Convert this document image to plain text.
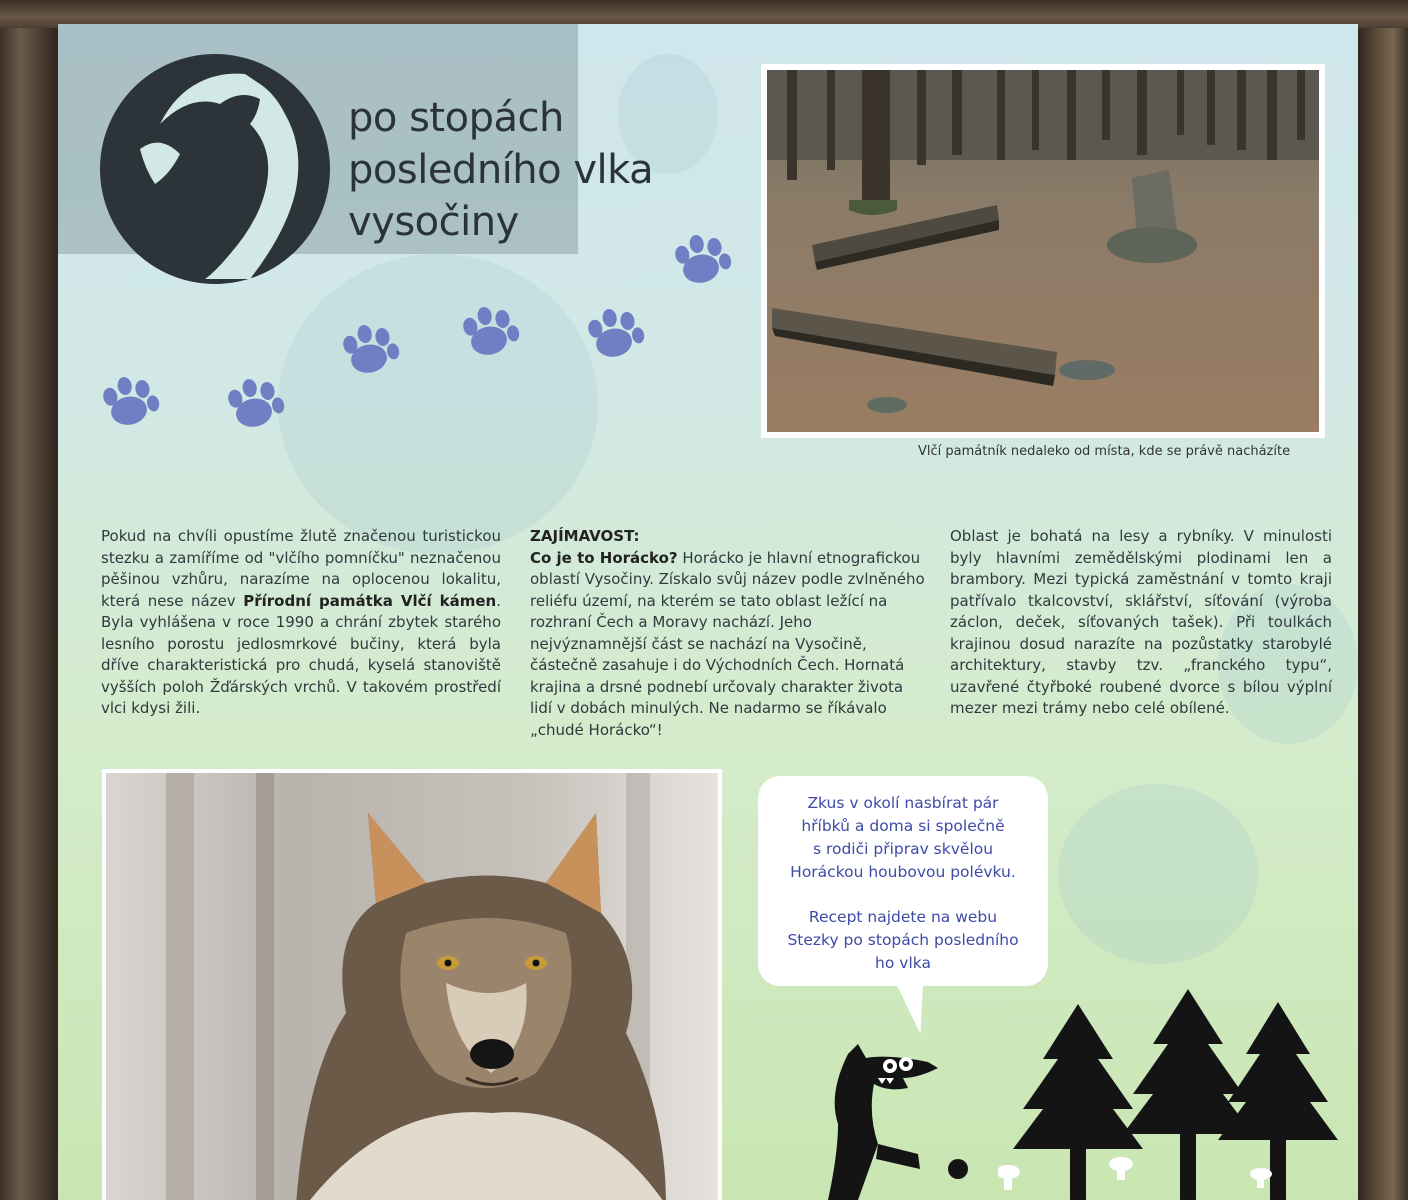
po stopách
posledního vlka
vysočiny
Vlčí památník nedaleko od místa, kde se právě nacházíte

Pokud na chvíli opustíme žlutě značenou turistickou stezku a zamíříme od "vlčího pomníčku" neznačenou pěšinou vzhůru, narazíme na oplocenou lokalitu, která nese název Přírodní památka Vlčí kámen. Byla vyhlášena v roce 1990 a chrání zbytek starého lesního porostu jedlosmrkové bučiny, která byla dříve charakteristická pro chudá, kyselá stanoviště vyšších poloh Žďárských vrchů. V takovém prostředí vlci kdysi žili.

ZAJÍMAVOST:

Co je to Horácko? Horácko je hlavní etnografickou oblastí Vysočiny. Získalo svůj název podle zvlněného reliéfu území, na kterém se tato oblast ležící na rozhraní Čech a Moravy nachází. Jeho nejvýznamnější část se nachází na Vysočině, částečně zasahuje i do Východních Čech. Hornatá krajina a drsné podnebí určovaly charakter života lidí v dobách minulých. Ne nadarmo se říkávalo „chudé Horácko“!

Oblast je bohatá na lesy a rybníky. V minulosti byly hlavními zemědělskými plodinami len a brambory. Mezi typická zaměstnání v tomto kraji patřívalo tkalcovství, sklářství, síťování (výroba záclon, deček, síťovaných tašek). Při toulkách krajinou dosud narazíte na pozůstatky starobylé architektury, stavby tzv. „franckého typu“, uzavřené čtyřboké roubené dvorce s bílou výplní mezer mezi trámy nebo celé obílené.

Zkus v okolí nasbírat pár
hříbků a doma si společně
s rodiči připrav skvělou
Horáckou houbovou polévku.
Recept najdete na webu
Stezky po stopách posledního
ho vlka
